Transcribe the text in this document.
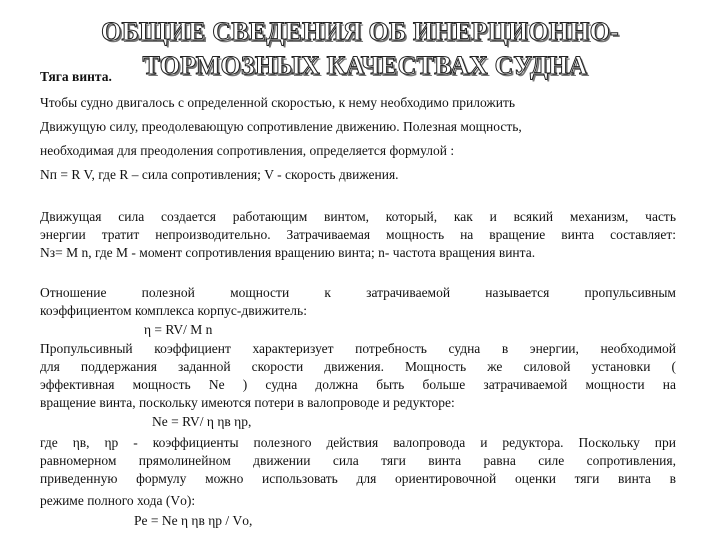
ОБЩИЕ СВЕДЕНИЯ ОБ ИНЕРЦИОННО-
ТОРМОЗНЫХ КАЧЕСТВАХ СУДНА
Тяга винта.
Чтобы судно двигалось с определенной скоростью, к нему необходимо приложить
Движущую силу, преодолевающую сопротивление движению. Полезная мощность,
необходимая для преодоления сопротивления, определяется формулой :
Nп = R V, где R – сила сопротивления; V - скорость движения.
Движущая сила создается работающим винтом, который, как и всякий механизм, часть
энергии тратит непроизводительно. Затрачиваемая мощность на вращение винта составляет:
Nз= M n, где M - момент сопротивления вращению винта; n- частота вращения винта.
Отношение	полезной	мощности	к	затрачиваемой	называется	пропульсивным
коэффициентом комплекса корпус-движитель:
η = RV/ M n
Пропульсивный коэффициент характеризует потребность судна в энергии, необходимой
для поддержания заданной скорости движения. Мощность же силовой установки (
эффективная мощность Ne ) судна должна быть больше затрачиваемой мощности на
вращение винта, поскольку имеются потери в валопроводе и редукторе:
Ne = RV/ η ηв ηр,
где ηв, ηр - коэффициенты полезного действия валопровода и редуктора. Поскольку при
равномерном прямолинейном движении сила тяги винта равна силе сопротивления,
приведенную формулу можно использовать для ориентировочной оценки тяги винта в
режиме полного хода (Vо):
Pe = Ne η ηв ηр / Vо,
